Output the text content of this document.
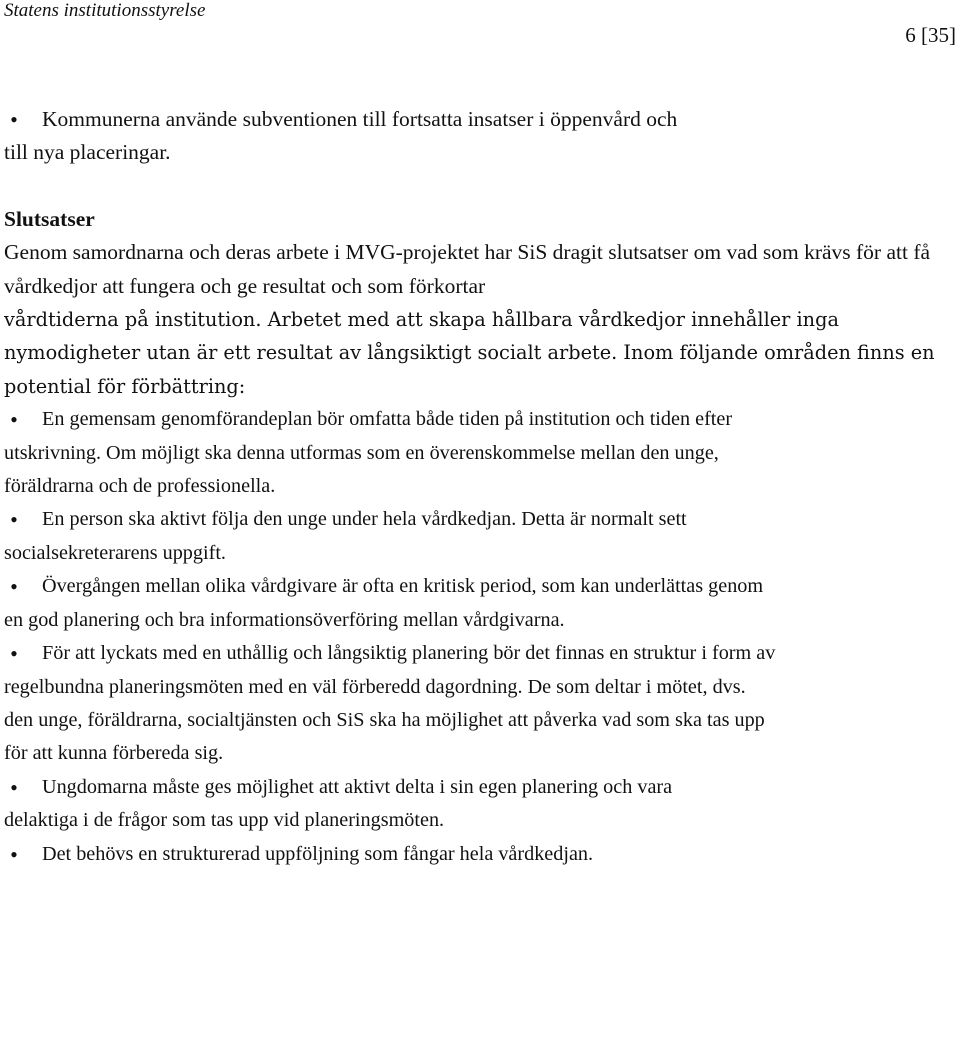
Statens institutionsstyrelse
6 [35]
• Kommunerna använde subventionen till fortsatta insatser i öppenvård och till nya placeringar.
Slutsatser
Genom samordnarna och deras arbete i MVG-projektet har SiS dragit slutsatser om vad som krävs för att få vårdkedjor att fungera och ge resultat och som förkortar
vårdtiderna på institution. Arbetet med att skapa hållbara vårdkedjor innehåller inga nymodigheter utan är ett resultat av långsiktigt socialt arbete. Inom följande områden finns en potential för förbättring:
•	En gemensam genomförandeplan bör omfatta både tiden på institution och tiden efter utskrivning. Om möjligt ska denna utformas som en överenskommelse mellan den unge, föräldrarna och de professionella.
•	En person ska aktivt följa den unge under hela vårdkedjan. Detta är normalt sett socialsekreterarens uppgift.
•	Övergången mellan olika vårdgivare är ofta en kritisk period, som kan underlättas genom en god planering och bra informationsöverföring mellan vårdgivarna.
•	För att lyckats med en uthållig och långsiktig planering bör det finnas en struktur i form av regelbundna planeringsmöten med en väl förberedd dagordning. De som deltar i mötet, dvs. den unge, föräldrarna, socialtjänsten och SiS ska ha möjlighet att påverka vad som ska tas upp för att kunna förbereda sig.
•	Ungdomarna måste ges möjlighet att aktivt delta i sin egen planering och vara delaktiga i de frågor som tas upp vid planeringsmöten.
•	Det behövs en strukturerad uppföljning som fångar hela vårdkedjan.
